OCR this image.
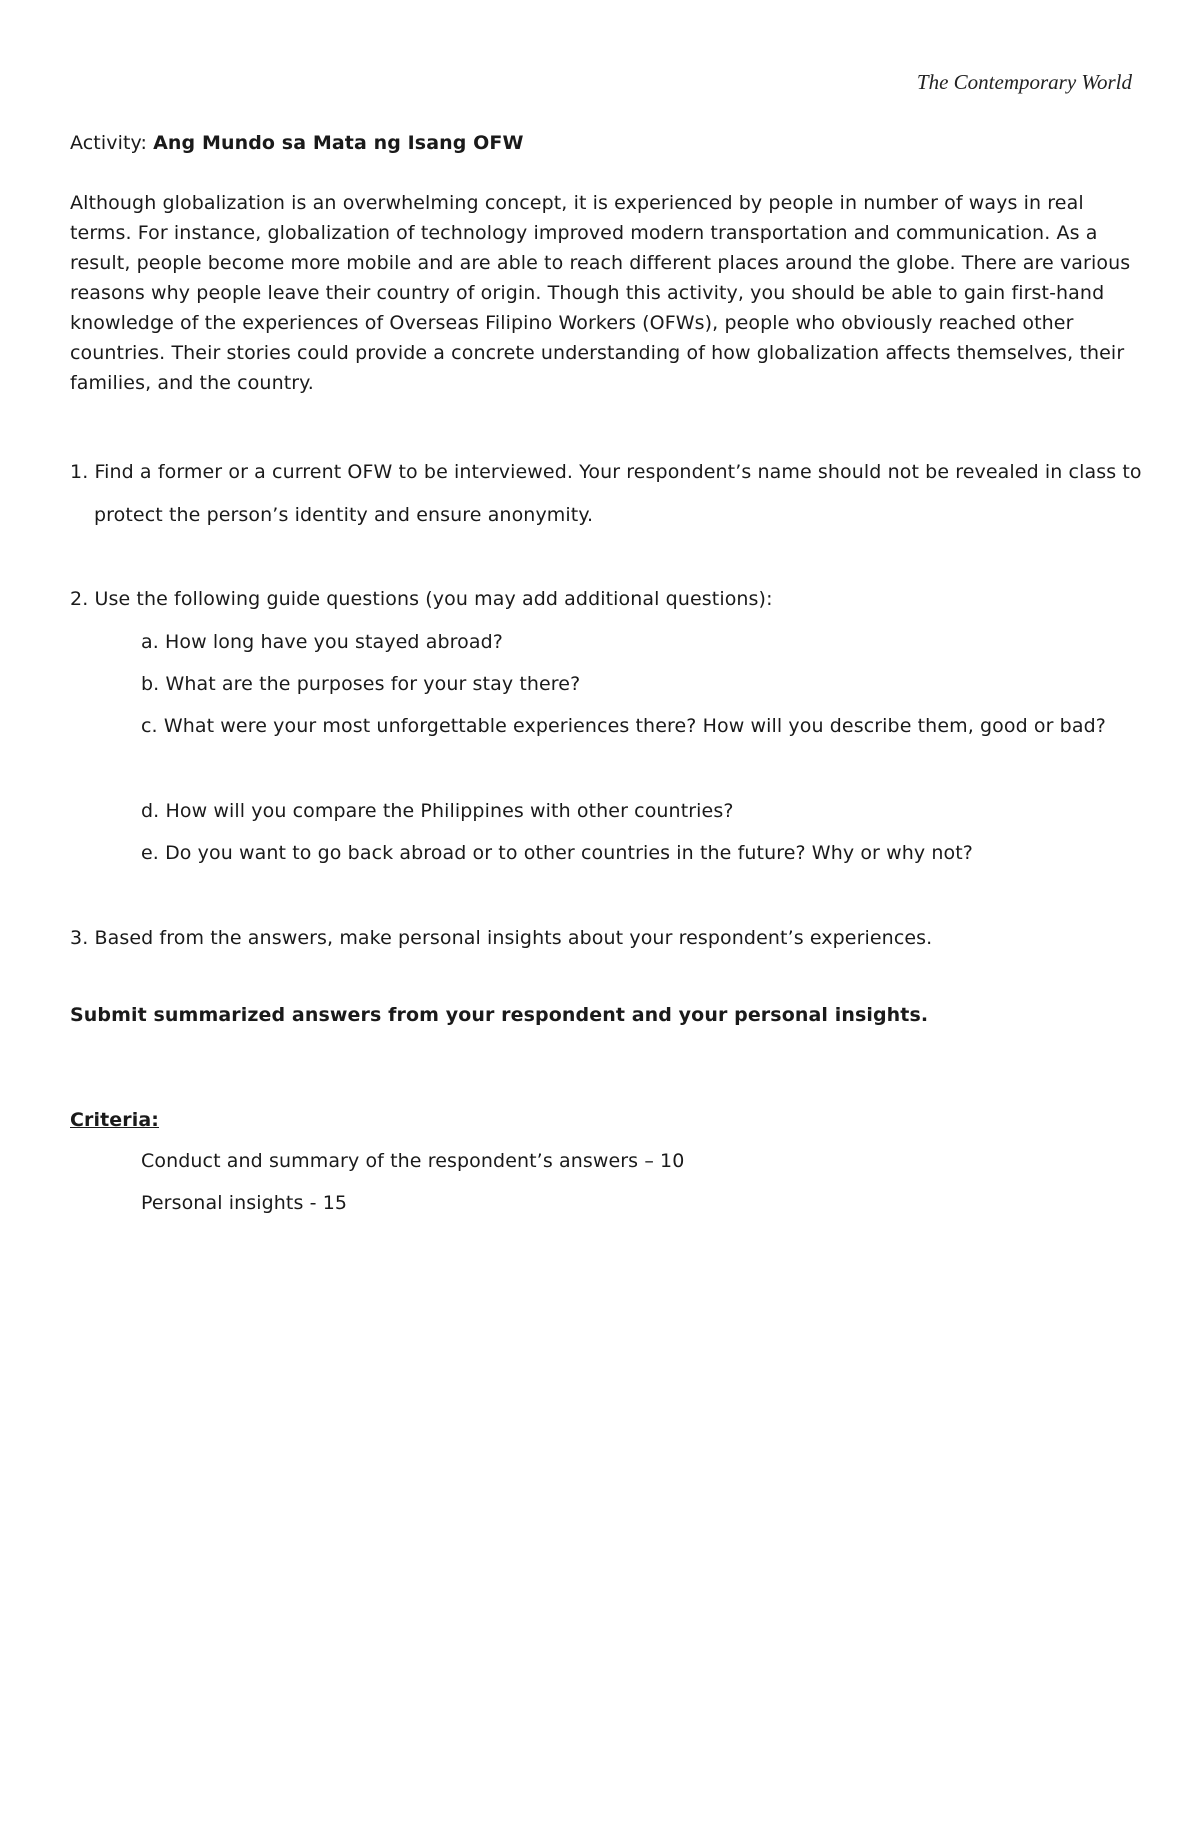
The Contemporary World
Activity: Ang Mundo sa Mata ng Isang OFW

Although globalization is an overwhelming concept, it is experienced by people in number of ways in real terms. For instance, globalization of technology improved modern transportation and communication. As a result, people become more mobile and are able to reach different places around the globe. There are various reasons why people leave their country of origin. Though this activity, you should be able to gain first-hand knowledge of the experiences of Overseas Filipino Workers (OFWs), people who obviously reached other countries. Their stories could provide a concrete understanding of how globalization affects themselves, their families, and the country.

1. Find a former or a current OFW to be interviewed. Your respondent’s name should not be revealed in class to protect the person’s identity and ensure anonymity.
2. Use the following guide questions (you may add additional questions):
a. How long have you stayed abroad?
b. What are the purposes for your stay there?
c. What were your most unforgettable experiences there? How will you describe them, good or bad?
d. How will you compare the Philippines with other countries?
e. Do you want to go back abroad or to other countries in the future? Why or why not?
3. Based from the answers, make personal insights about your respondent’s experiences.
Submit summarized answers from your respondent and your personal insights.
Criteria:
Conduct and summary of the respondent’s answers – 10
Personal insights - 15
